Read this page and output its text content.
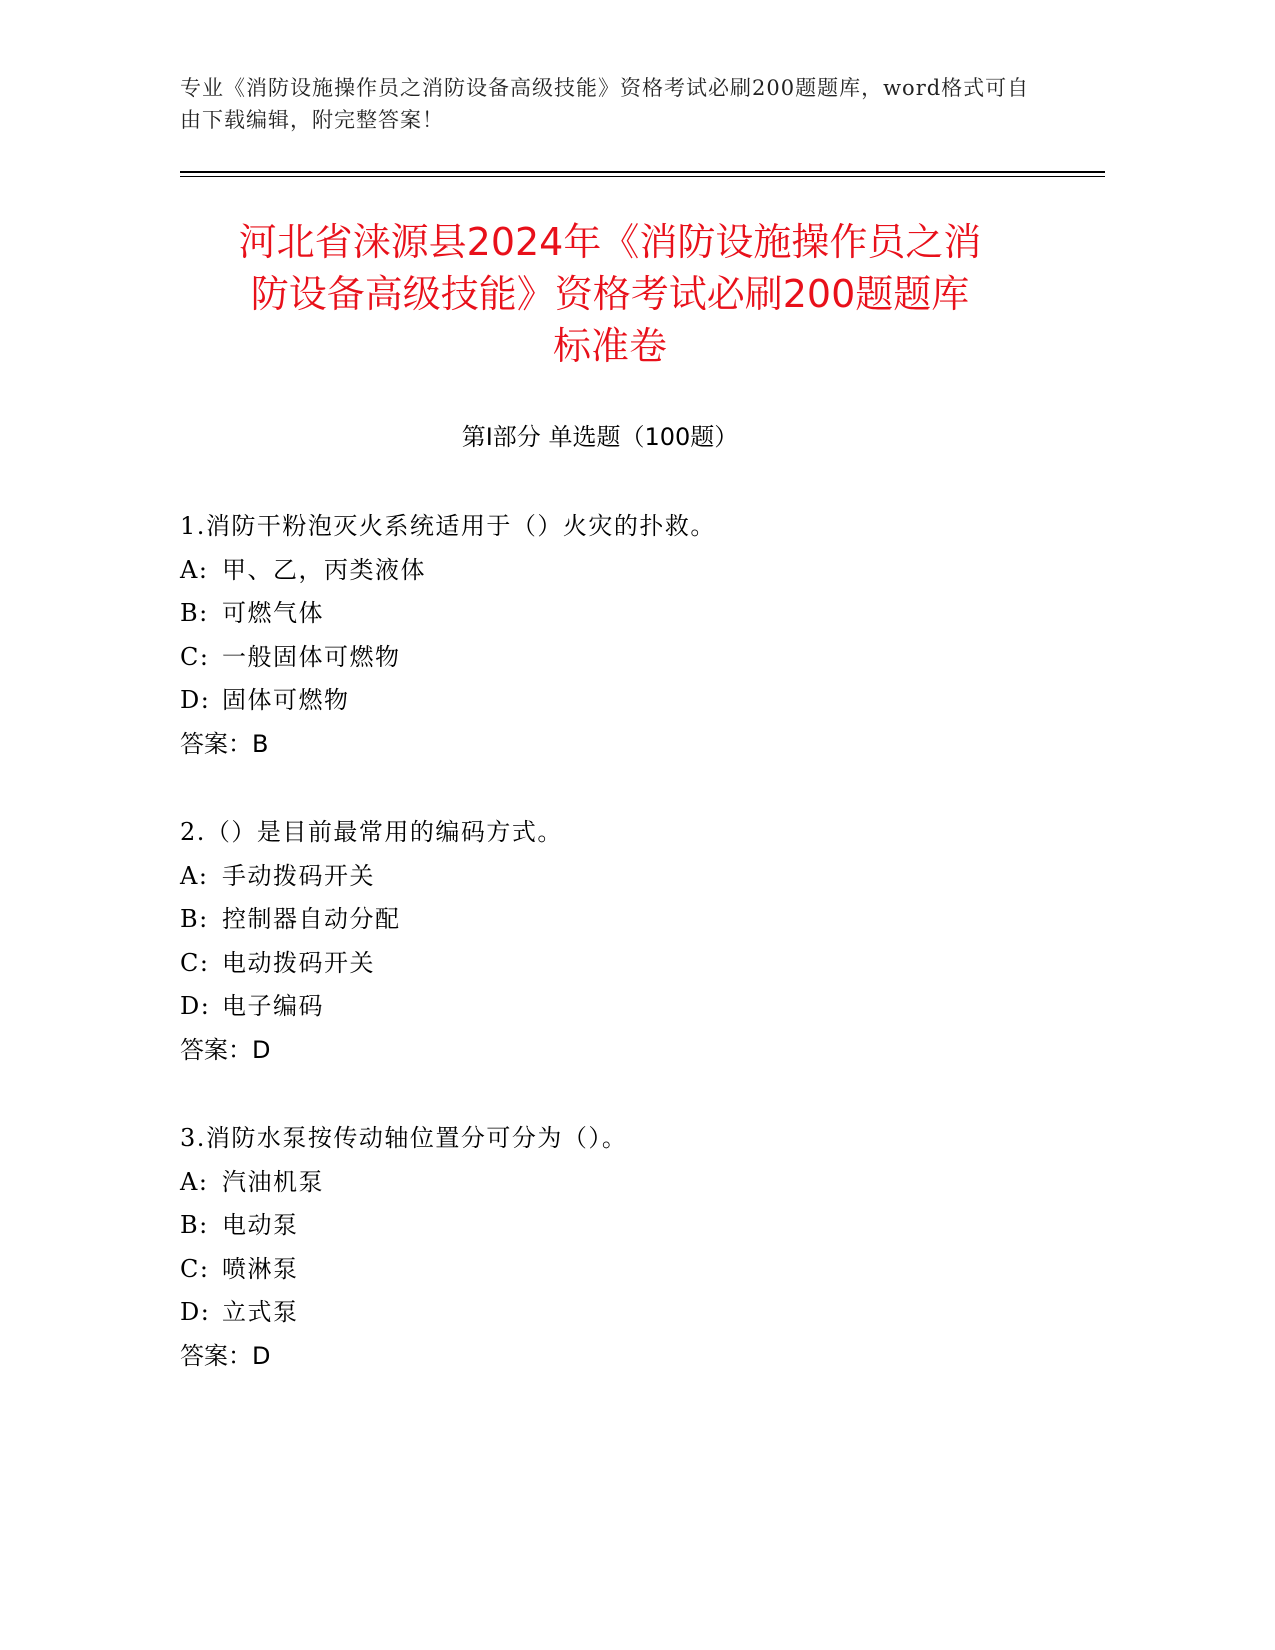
专业《消防设施操作员之消防设备高级技能》资格考试必刷200题题库，word格式可自由下载编辑，附完整答案！
河北省涞源县2024年《消防设施操作员之消
防设备高级技能》资格考试必刷200题题库
标准卷
第Ⅰ部分 单选题（100题）
1.消防干粉泡灭火系统适用于（）火灾的扑救。
A: 甲、乙，丙类液体
B: 可燃气体
C: 一般固体可燃物
D: 固体可燃物
答案：B
2.（）是目前最常用的编码方式。
A: 手动拨码开关
B: 控制器自动分配
C: 电动拨码开关
D: 电子编码
答案：D
3.消防水泵按传动轴位置分可分为（）。
A: 汽油机泵
B: 电动泵
C: 喷淋泵
D: 立式泵
答案：D
